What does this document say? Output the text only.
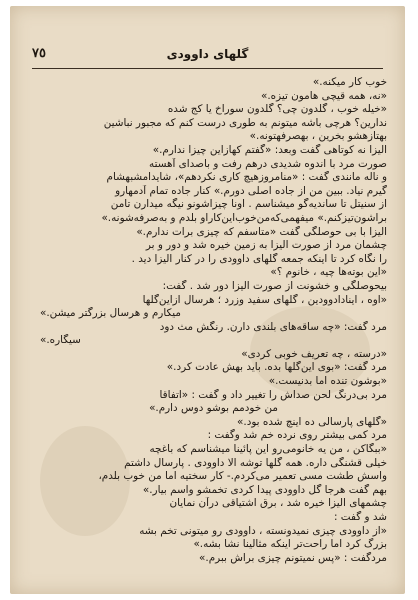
٧٥	گلهای داوودی
خوب کار میکنه.»
«نه، همه قیچی هامون تیزه.»
«خیله خوب ، گلدون چی؟ گلدون سوراخ یا کج شده
ندارین؟ هرچی باشه میتونم به طوری درست کنم که مجبور نباشین
بهتازهشو بخرین ، بهصرفهتونه.»
الیزا نه کوتاهی گفت وبعد: «گفتم کهازاین چیزا ندارم.»
صورت مرد با اندوه شدیدی درهم رفت و باصدای آهسته
و ناله مانندی گفت : «منامروزهیچ کاری نکردهم»، شایدامشبهشام
گیرم نیاد. ببین من از جاده اصلی دورم.» کنار جاده تمام آدمهارو
از سنیتل تا ساندیه‌گو میشناسم . اونا چیزاشونو نیگه میدارن تامن
براشون‌تیزکنم.» میفهمی‌که‌من‌خوب‌این‌کاراو بلدم و به‌صرفه‌شونه.»
الیزا با بی حوصلگی گفت «متاسفم که چیزی برات ندارم.»
چشمان مرد از صورت الیزا به زمین خیره شد و دور و بر
را نگاه کرد تا اینکه جمعه گلهای داوودی را در کنار الیزا دید .
«این بوته‌ها چیه ، خانوم ؟»
بیحوصلگی و خشونت از صورت الیزا دور شد . گفت:
«اوه ، اینادادوودین ، گلهای سفید وزرد ؛ هرسال ازاین‌گلها
میکارم و هرسال بزرگتر میشن.»
مرد گفت: «چه ساقه‌های بلندی دارن. رنگش مث دود
سیگاره.»
«درسته ، چه تعریف خوبی کردی»
مرد گفت: «بوی این‌گلها بده. باید بهش عادت کرد.»
«بوشون تنده اما بدنیست.»
مرد بی‌درنگ لحن صداش را تغییر داد و گفت : «اتفاقا
من خودمم بوشو دوس دارم.»
«گلهای پارسالی ده اینچ شده بود.»
مرد کمی بیشتر روی نرده خم شد وگفت :
«ببگاکن ، من یه خانومی‌رو این پائینا میشناسم که باغچه
خیلی قشنگی داره. همه گلها توشه الا داوودی . پارسال داشتم
واسش طشت مسی تعمیر می‌کردم.- کار سختیه اما من خوب بلدم،
بهم گفت هرجا گل داوودی پیدا کردی تخمشو واسم بیار.»
چشمهای الیزا خیره شد ، برق اشتیاقی درآن نمایان
شد و گفت :
«از داوودی چیزی نمیدونسته ، داوودی رو میتونی تخم بشه
بزرگ کرد اما راحت‌تر اینکه مثالینا نشا بشه.»
مردگفت : «پس نمیتونم چیزی براش ببرم.»
